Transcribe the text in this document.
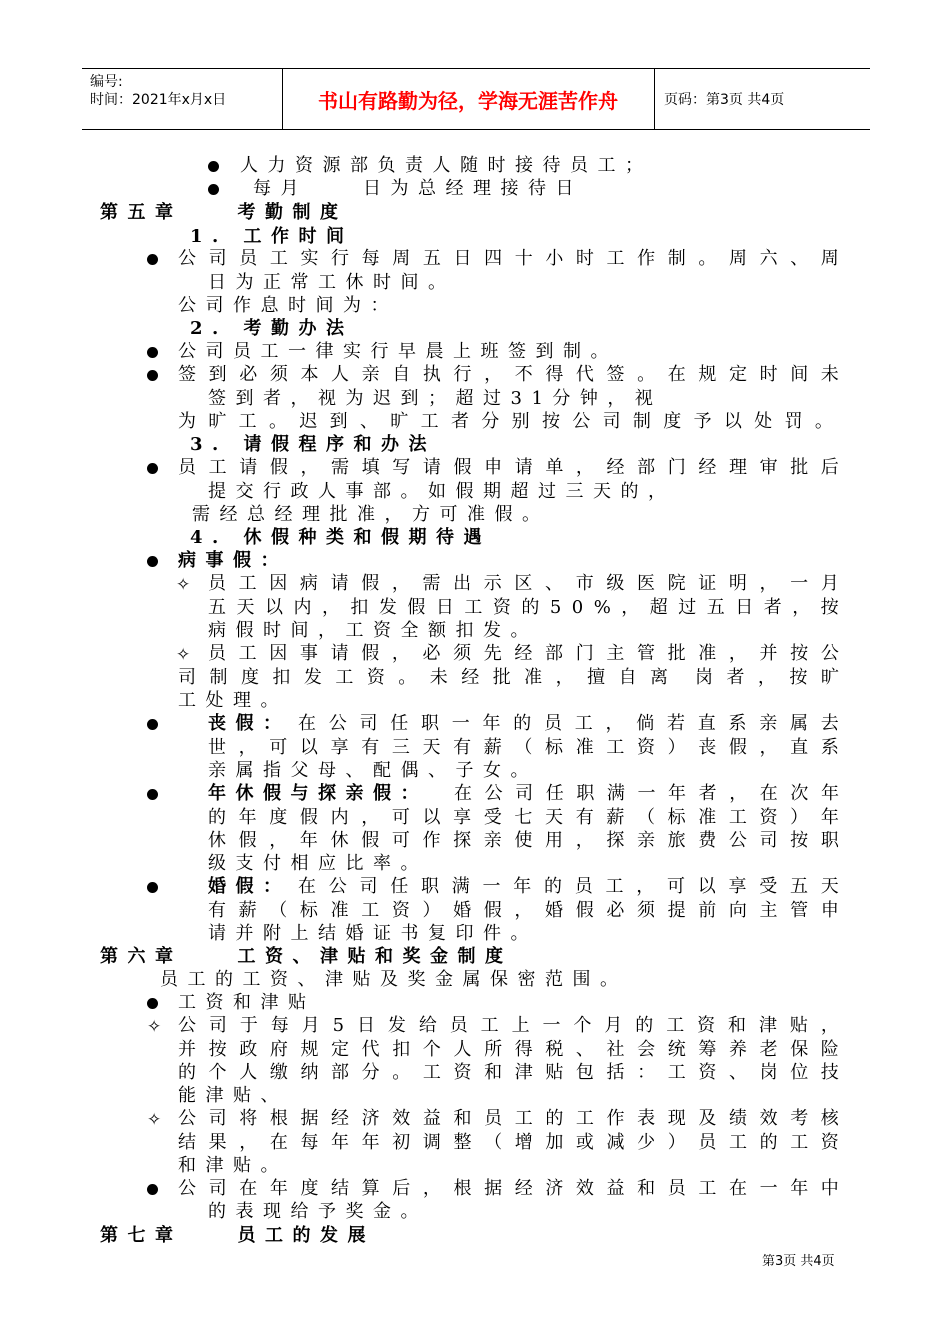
编号:
时间：2021年x月x日	书山有路勤为径，学海无涯苦作舟	页码：第3页 共4页
人力资源部负责人随时接待员工；
每月　　日为总经理接待日
第五章　　考勤制度
1. 工作时间
公 司 员 工 实 行 每 周 五 日 四 十 小 时 工 作 制 。 周 六 、 周
日为正常工休时间。
公司作息时间为：
2. 考勤办法
公司员工一律实行早晨上班签到制。
签 到 必 须 本 人 亲 自 执 行 ， 不 得 代 签 。 在 规 定 时 间 未
签到者，视为迟到；超过31分钟，视
为 旷 工 。 迟 到 、 旷 工 者 分 别 按 公 司 制 度 予 以 处 罚 。
3. 请假程序和办法
员 工 请 假 ， 需 填 写 请 假 申 请 单 ， 经 部 门 经 理 审 批 后
提交行政人事部。如假期超过三天的，
需经总经理批准，方可准假。
4. 休假种类和假期待遇
病事假：
✧ 员 工 因 病 请 假 ， 需 出 示 区 、 市 级 医 院 证 明 ， 一 月
五 天 以 内 ， 扣 发 假 日 工 资 的 5 0 % ， 超 过 五 日 者 ， 按
病假时间，工资全额扣发。
✧ 员 工 因 事 请 假 ， 必 须 先 经 部 门 主 管 批 准 ， 并 按 公
司 制 度 扣 发 工 资 。 未 经 批 准 ， 擅 自 离 岗 者 ， 按 旷
工处理。
丧假： 在 公 司 任 职 一 年 的 员 工 ， 倘 若 直 系 亲 属 去
世 ， 可 以 享 有 三 天 有 薪 （ 标 准 工 资 ） 丧 假 ， 直 系
亲属指父母、配偶、子女。
年休假与探亲假： 在 公 司 任 职 满 一 年 者 ， 在 次 年
的 年 度 假 内 ， 可 以 享 受 七 天 有 薪 （ 标 准 工 资 ） 年
休 假 ， 年 休 假 可 作 探 亲 使 用 ， 探 亲 旅 费 公 司 按 职
级支付相应比率。
婚假： 在 公 司 任 职 满 一 年 的 员 工 ， 可 以 享 受 五 天
有 薪 （ 标 准 工 资 ） 婚 假 ， 婚 假 必 须 提 前 向 主 管 申
请并附上结婚证书复印件。
第六章　　工资、津贴和奖金制度
员工的工资、津贴及奖金属保密范围。
工资和津贴
✧ 公 司 于 每 月 5 日 发 给 员 工 上 一 个 月 的 工 资 和 津 贴 ，
并 按 政 府 规 定 代 扣 个 人 所 得 税 、 社 会 统 筹 养 老 保 险
的 个 人 缴 纳 部 分 。 工 资 和 津 贴 包 括 ： 工 资 、 岗 位 技
能津贴、
✧ 公 司 将 根 据 经 济 效 益 和 员 工 的 工 作 表 现 及 绩 效 考 核
结 果 ， 在 每 年 年 初 调 整 （ 增 加 或 减 少 ） 员 工 的 工 资
和津贴。
公 司 在 年 度 结 算 后 ， 根 据 经 济 效 益 和 员 工 在 一 年 中
的表现给予奖金。
第七章　　员工的发展
第3页 共4页
